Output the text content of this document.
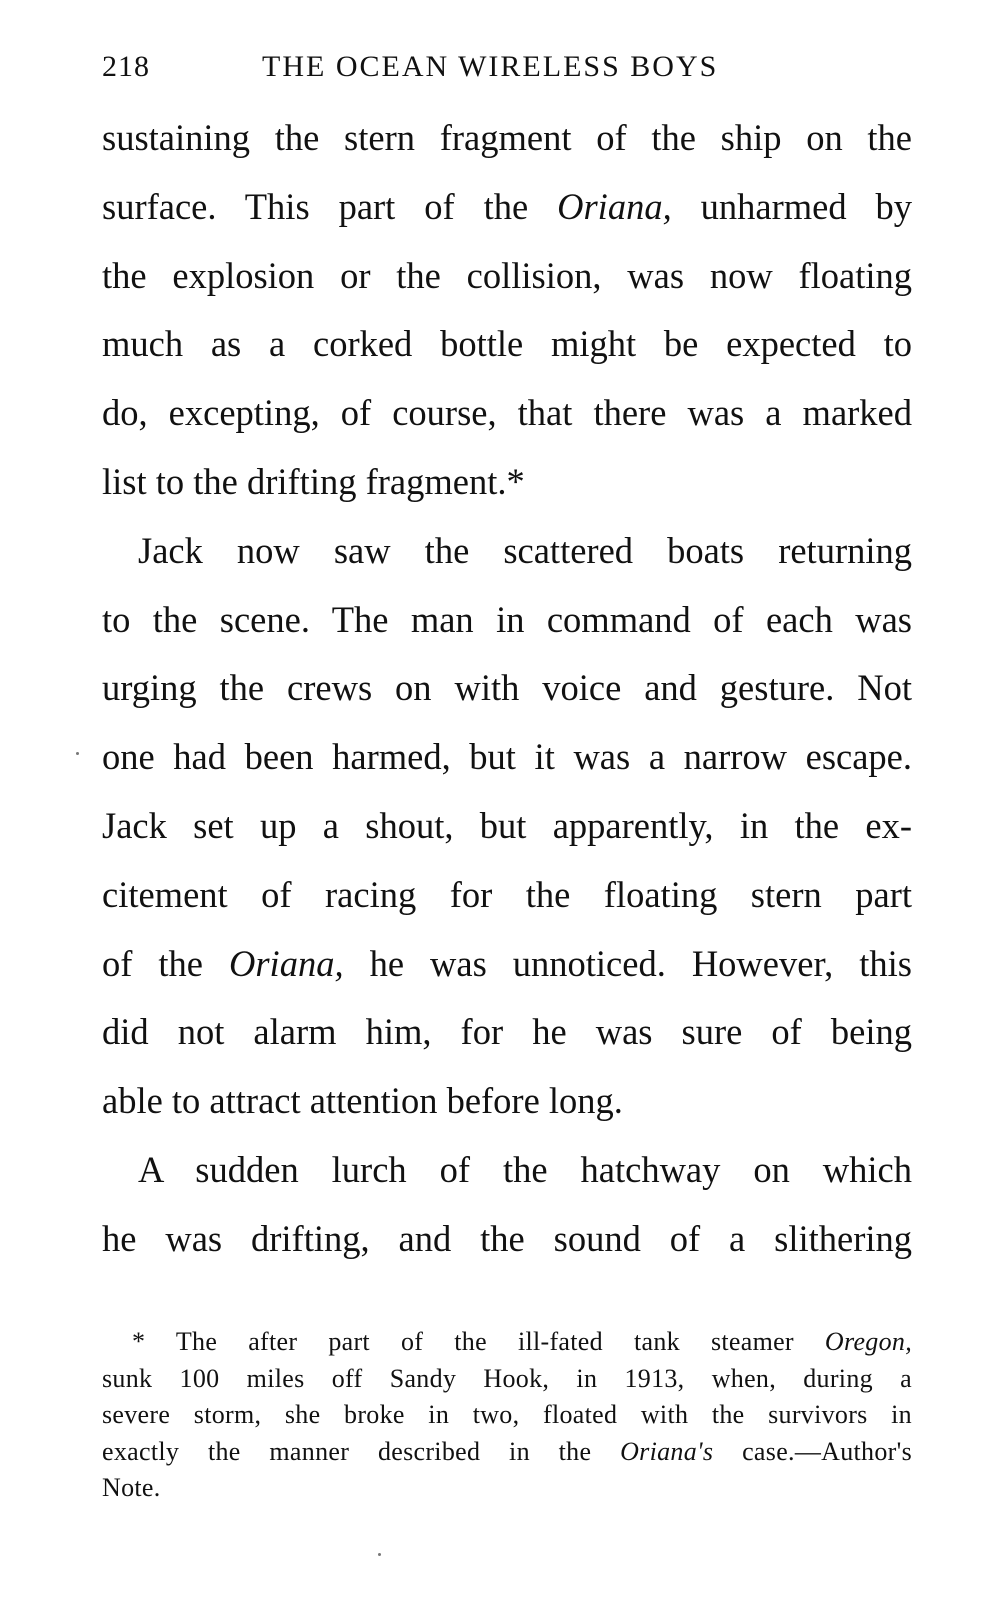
218	THE OCEAN WIRELESS BOYS
sustaining the stern fragment of the ship on the
surface. This part of the Oriana, unharmed by
the explosion or the collision, was now floating
much as a corked bottle might be expected to
do, excepting, of course, that there was a marked
list to the drifting fragment.*
Jack now saw the scattered boats returning
to the scene. The man in command of each was
urging the crews on with voice and gesture. Not
one had been harmed, but it was a narrow escape.
Jack set up a shout, but apparently, in the ex-
citement of racing for the floating stern part
of the Oriana, he was unnoticed. However, this
did not alarm him, for he was sure of being
able to attract attention before long.
A sudden lurch of the hatchway on which
he was drifting, and the sound of a slithering
* The after part of the ill-fated tank steamer Oregon,
sunk 100 miles off Sandy Hook, in 1913, when, during a
severe storm, she broke in two, floated with the survivors in
exactly the manner described in the Oriana's case.—Author's
Note.
